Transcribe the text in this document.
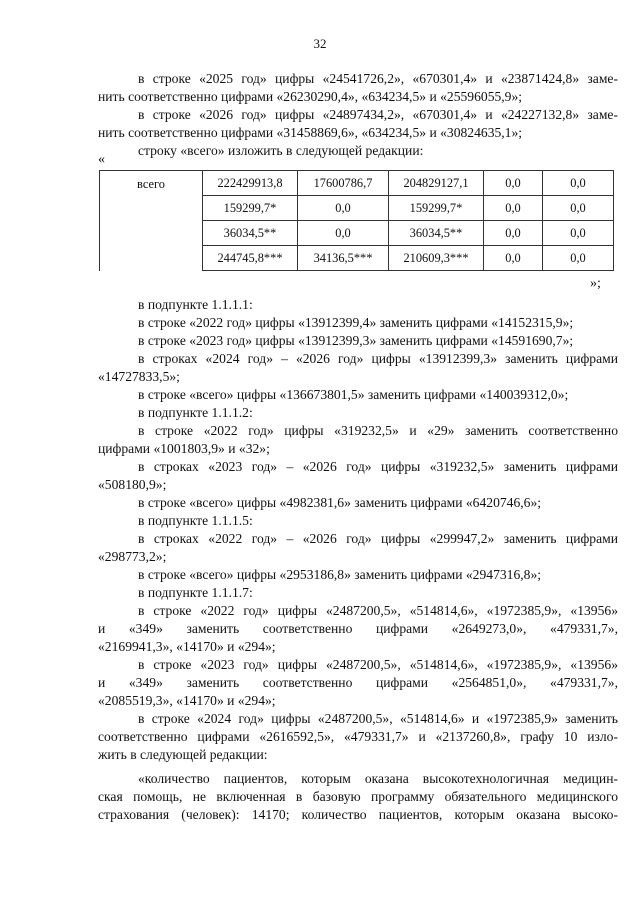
32
в строке «2025 год» цифры «24541726,2», «670301,4» и «23871424,8» заме-
нить соответственно цифрами «26230290,4», «634234,5» и «25596055,9»;
в строке «2026 год» цифры «24897434,2», «670301,4» и «24227132,8» заме-
нить соответственно цифрами «31458869,6», «634234,5» и «30824635,1»;
строку «всего» изложить в следующей редакции:
«
всего	222429913,8	17600786,7	204829127,1	0,0	0,0
	159299,7*	0,0	159299,7*	0,0	0,0
	36034,5**	0,0	36034,5**	0,0	0,0
	244745,8***	34136,5***	210609,3***	0,0	0,0
»;
в подпункте 1.1.1.1:
в строке «2022 год» цифры «13912399,4» заменить цифрами «14152315,9»;
в строке «2023 год» цифры «13912399,3» заменить цифрами «14591690,7»;
в строках «2024 год» – «2026 год» цифры «13912399,3» заменить цифрами
«14727833,5»;
в строке «всего» цифры «136673801,5» заменить цифрами «140039312,0»;
в подпункте 1.1.1.2:
в строке «2022 год» цифры «319232,5» и «29» заменить соответственно
цифрами «1001803,9» и «32»;
в строках «2023 год» – «2026 год» цифры «319232,5» заменить цифрами
«508180,9»;
в строке «всего» цифры «4982381,6» заменить цифрами «6420746,6»;
в подпункте 1.1.1.5:
в строках «2022 год» – «2026 год» цифры «299947,2» заменить цифрами
«298773,2»;
в строке «всего» цифры «2953186,8» заменить цифрами «2947316,8»;
в подпункте 1.1.1.7:
в строке «2022 год» цифры «2487200,5», «514814,6», «1972385,9», «13956»
и «349» заменить соответственно цифрами «2649273,0», «479331,7»,
«2169941,3», «14170» и «294»;
в строке «2023 год» цифры «2487200,5», «514814,6», «1972385,9», «13956»
и «349» заменить соответственно цифрами «2564851,0», «479331,7»,
«2085519,3», «14170» и «294»;
в строке «2024 год» цифры «2487200,5», «514814,6» и «1972385,9» заменить
соответственно цифрами «2616592,5», «479331,7» и «2137260,8», графу 10 изло-
жить в следующей редакции:
«количество пациентов, которым оказана высокотехнологичная медицин-
ская помощь, не включенная в базовую программу обязательного медицинского
страхования (человек): 14170; количество пациентов, которым оказана высоко-
